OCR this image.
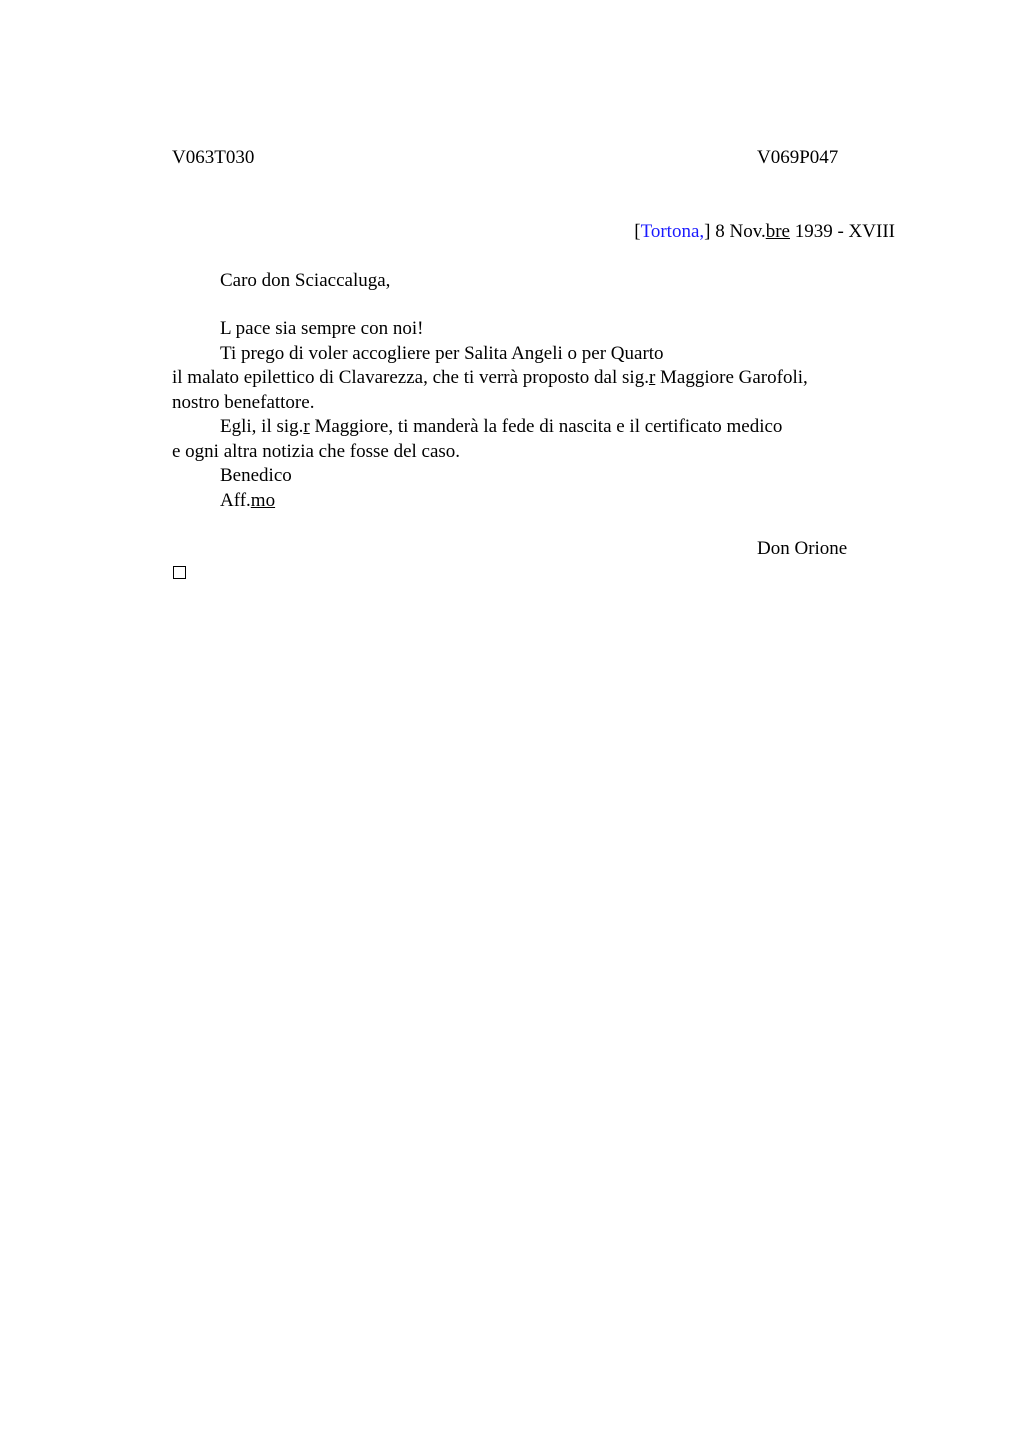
V063T030	V069P047
[Tortona,] 8 Nov.bre 1939 - XVIII
Caro don Sciaccaluga,
L pace sia sempre con noi!
Ti prego di voler accogliere per Salita Angeli o per Quarto
il malato epilettico di Clavarezza, che ti verrà proposto dal sig.r Maggiore Garofoli,
nostro benefattore.
Egli, il sig.r Maggiore, ti manderà la fede di nascita e il certificato medico
e ogni altra notizia che fosse del caso.
Benedico
Aff.mo
Don Orione
